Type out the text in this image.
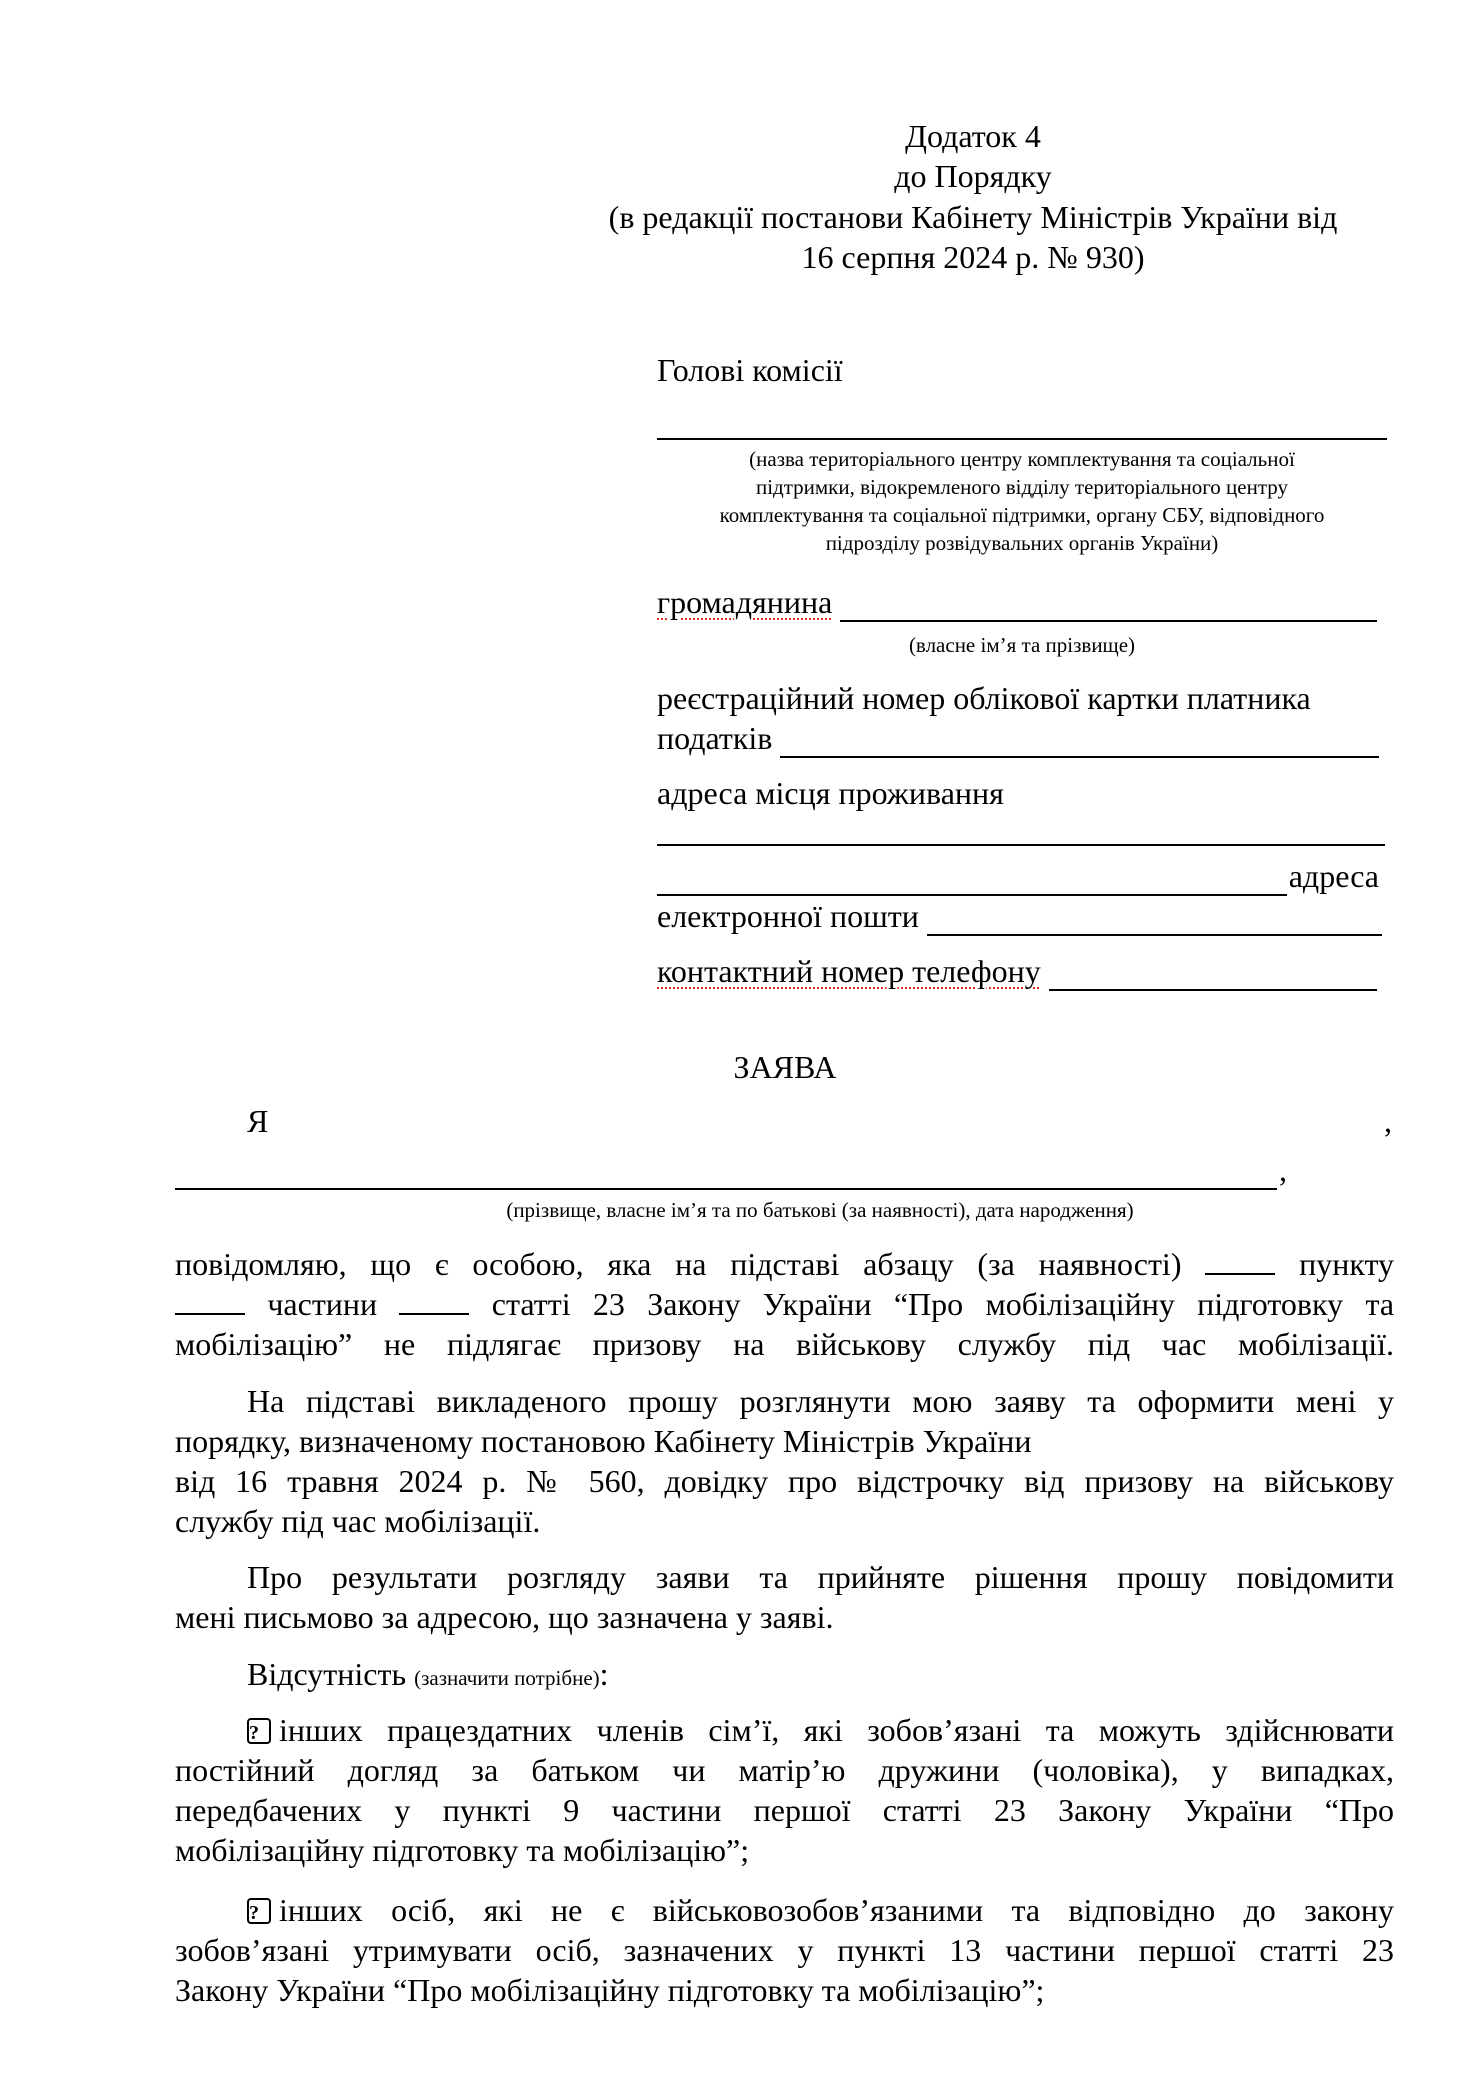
Додаток 4
до Порядку
(в редакції постанови Кабінету Міністрів України від
16 серпня 2024 р. № 930)
Голові комісії
(назва територіального центру комплектування та соціальної
підтримки, відокремленого відділу територіального центру
комплектування та соціальної підтримки, органу СБУ, відповідного
підрозділу розвідувальних органів України)
громадянина
(власне ім’я та прізвище)
реєстраційний номер облікової картки платника
податків
адреса місця проживання
адреса
електронної пошти
контактний номер телефону
ЗАЯВА
Я	,
,
(прізвище, власне ім’я та по батькові (за наявності), дата народження)
повідомляю, що є особою, яка на підставі абзацу (за наявності)	пункту
частини	статті 23 Закону України “Про мобілізаційну підготовку та
мобілізацію” не підлягає призову на військову службу під час мобілізації.
На підставі викладеного прошу розглянути мою заяву та оформити мені у
порядку, визначеному постановою Кабінету Міністрів України
від 16 травня 2024 р. № 560, довідку про відстрочку від призову на військову
службу під час мобілізації.
Про результати розгляду заяви та прийняте рішення прошу повідомити
мені письмово за адресою, що зазначена у заяві.
Відсутність (зазначити потрібне):
? інших працездатних членів сім’ї, які зобов’язані та можуть здійснювати
постійний догляд за батьком чи матір’ю дружини (чоловіка), у випадках,
передбачених у пункті 9 частини першої статті 23 Закону України “Про
мобілізаційну підготовку та мобілізацію”;
? інших осіб, які не є військовозобов’язаними та відповідно до закону
зобов’язані утримувати осіб, зазначених у пункті 13 частини першої статті 23
Закону України “Про мобілізаційну підготовку та мобілізацію”;
